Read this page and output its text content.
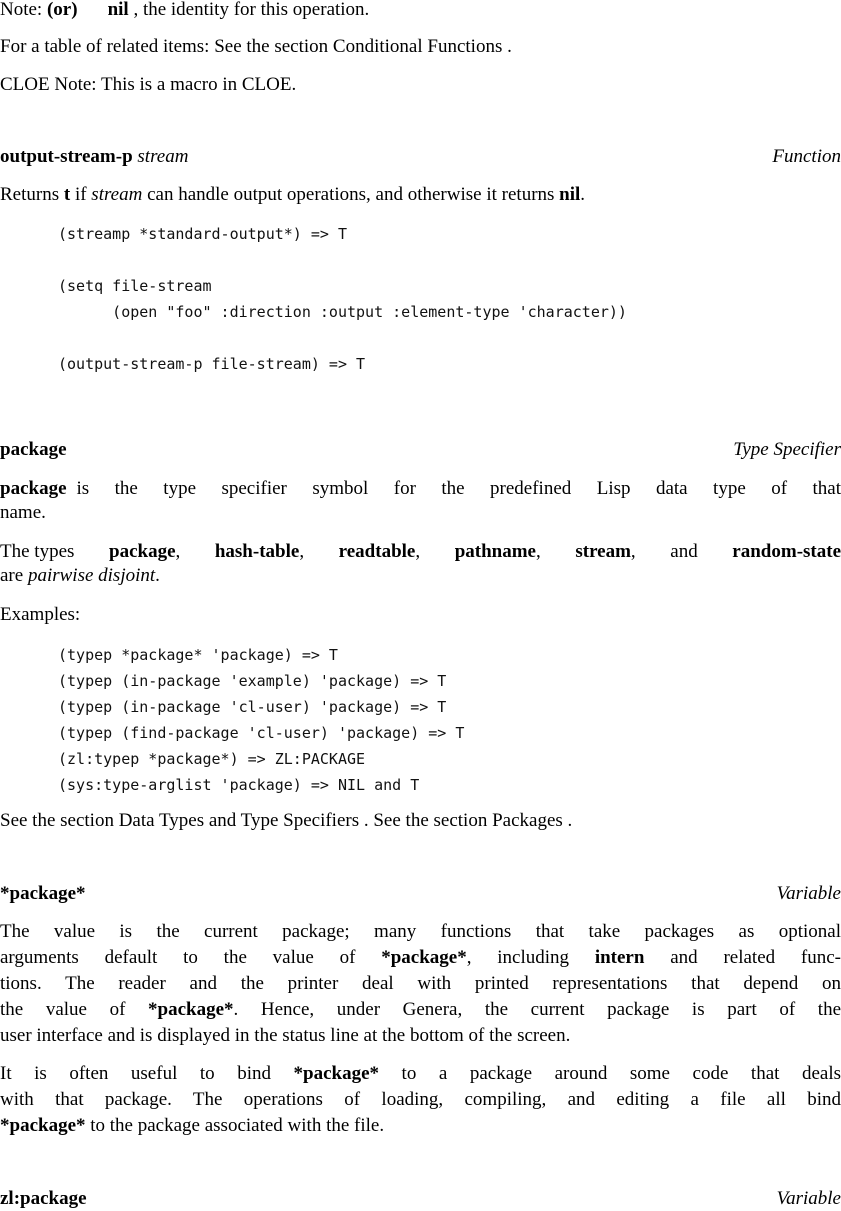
Note: (or) nil , the identity for this operation.
For a table of related items: See the section Conditional Functions .
CLOE Note: This is a macro in CLOE.
output-stream-p stream	Function
Returns t if stream can handle output operations, and otherwise it returns nil.
(streamp *standard-output*) => T
(setq file-stream
(open "foo" :direction :output :element-type 'character))
(output-stream-p file-stream) => T
package	Type Specifier
package is the type specifier symbol for the predefined Lisp data type of that
name.
The types package, hash-table, readtable, pathname, stream, and random-state
are pairwise disjoint.
Examples:
(typep *package* 'package) => T
(typep (in-package 'example) 'package) => T
(typep (in-package 'cl-user) 'package) => T
(typep (find-package 'cl-user) 'package) => T
(zl:typep *package*) => ZL:PACKAGE
(sys:type-arglist 'package) => NIL and T
See the section Data Types and Type Specifiers . See the section Packages .
*package*	Variable
The value is the current package; many functions that take packages as optional
arguments default to the value of *package*, including intern and related func-
tions. The reader and the printer deal with printed representations that depend on
the value of *package*. Hence, under Genera, the current package is part of the
user interface and is displayed in the status line at the bottom of the screen.
It is often useful to bind *package* to a package around some code that deals
with that package. The operations of loading, compiling, and editing a file all bind
*package* to the package associated with the file.
zl:package	Variable
